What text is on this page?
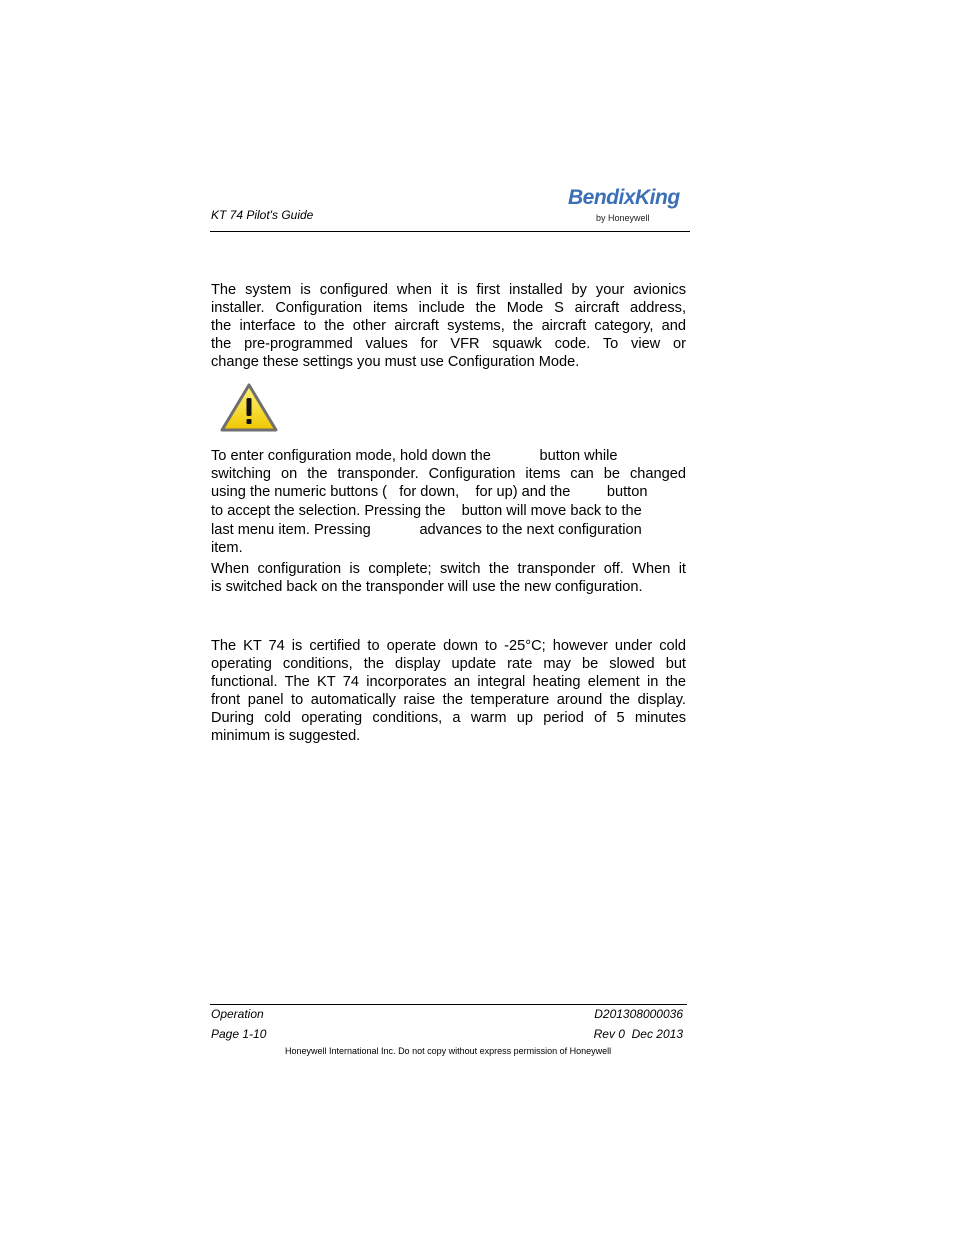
KT 74 Pilot's Guide
BendixKing
by Honeywell
The system is configured when it is first installed by your avionics
installer. Configuration items include the Mode S aircraft address,
the interface to the other aircraft systems, the aircraft category, and
the pre-programmed values for VFR squawk code. To view or
change these settings you must use Configuration Mode.
To enter configuration mode, hold down the            button while
switching on the transponder. Configuration items can be changed
using the numeric buttons (   for down,    for up) and the         button
to accept the selection. Pressing the    button will move back to the
last menu item. Pressing            advances to the next configuration
item.
When configuration is complete; switch the transponder off. When it
is switched back on the transponder will use the new configuration.
The KT 74 is certified to operate down to -25°C; however under cold
operating conditions, the display update rate may be slowed but
functional. The KT 74 incorporates an integral heating element in the
front panel to automatically raise the temperature around the display.
During cold operating conditions, a warm up period of 5 minutes
minimum is suggested.
Operation	D201308000036
Page 1-10	Rev 0  Dec 2013
Honeywell International Inc. Do not copy without express permission of Honeywell
